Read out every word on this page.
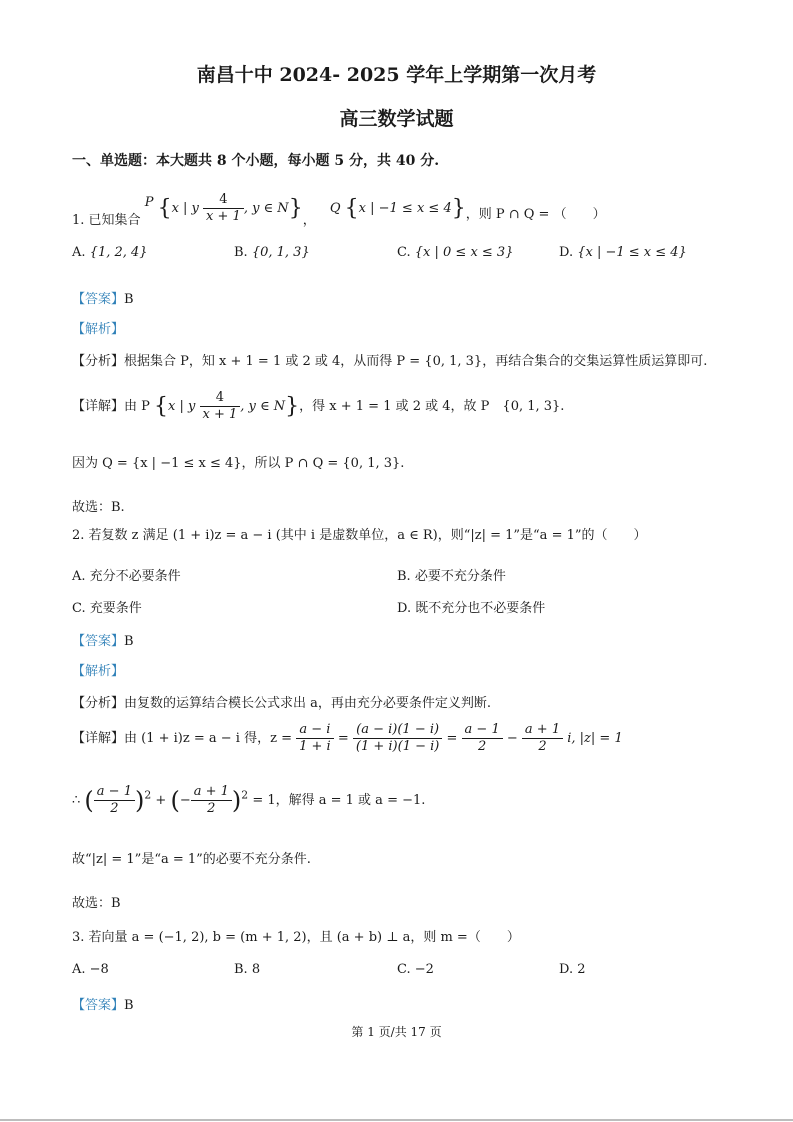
南昌十中 2024- 2025 学年上学期第一次月考
高三数学试题
一、单选题：本大题共 8 个小题，每小题 5 分，共 40 分.
1. 已知集合 P {x | y $\frac{4}{x + 1}$ , y ∈ N}， Q {x | −1 ≤ x ≤ 4}，则 P ∩ Q = （　　）
A. {1, 2, 4}	B. {0, 1, 3}	C. {x | 0 ≤ x ≤ 3}	D. {x | −1 ≤ x ≤ 4}
【答案】B
【解析】
【分析】根据集合 P，知 x + 1 = 1 或 2 或 4，从而得 P = {0, 1, 3}，再结合集合的交集运算性质运算即可.
【详解】由 P {x | y $\frac{4}{x + 1}$ , y ∈ N}，得 x + 1 = 1 或 2 或 4，故 P　{0, 1, 3}.
因为 Q = {x | −1 ≤ x ≤ 4}，所以 P ∩ Q = {0, 1, 3}.
故选：B.
2. 若复数 z 满足 (1 + i)z = a − i (其中 i 是虚数单位，a ∈ R)，则“|z| = 1”是“a = 1”的（　　）
A. 充分不必要条件	B. 必要不充分条件
C. 充要条件	D. 既不充分也不必要条件
【答案】B
【解析】
【分析】由复数的运算结合模长公式求出 a，再由充分必要条件定义判断.
【详解】由 (1 + i)z = a − i 得，$z = \frac{a - i}{1 + i} = \frac{(a - i)(1 - i)}{(1 + i)(1 - i)} = \frac{a - 1}{2} - \frac{a + 1}{2} i$, |z| = 1
∴ ( $\frac{a - 1}{2} )^2$ + (− $\frac{a + 1}{2} )^2 = 1$，解得 a = 1 或 a = −1.
故“|z| = 1”是“a = 1”的必要不充分条件.
故选：B
3. 若向量 a = (−1, 2), b = (m + 1, 2)，且 (a + b) ⊥ a，则 m =（　　）
A. −8	B. 8	C. −2	D. 2
【答案】B
第 1 页/共 17 页
